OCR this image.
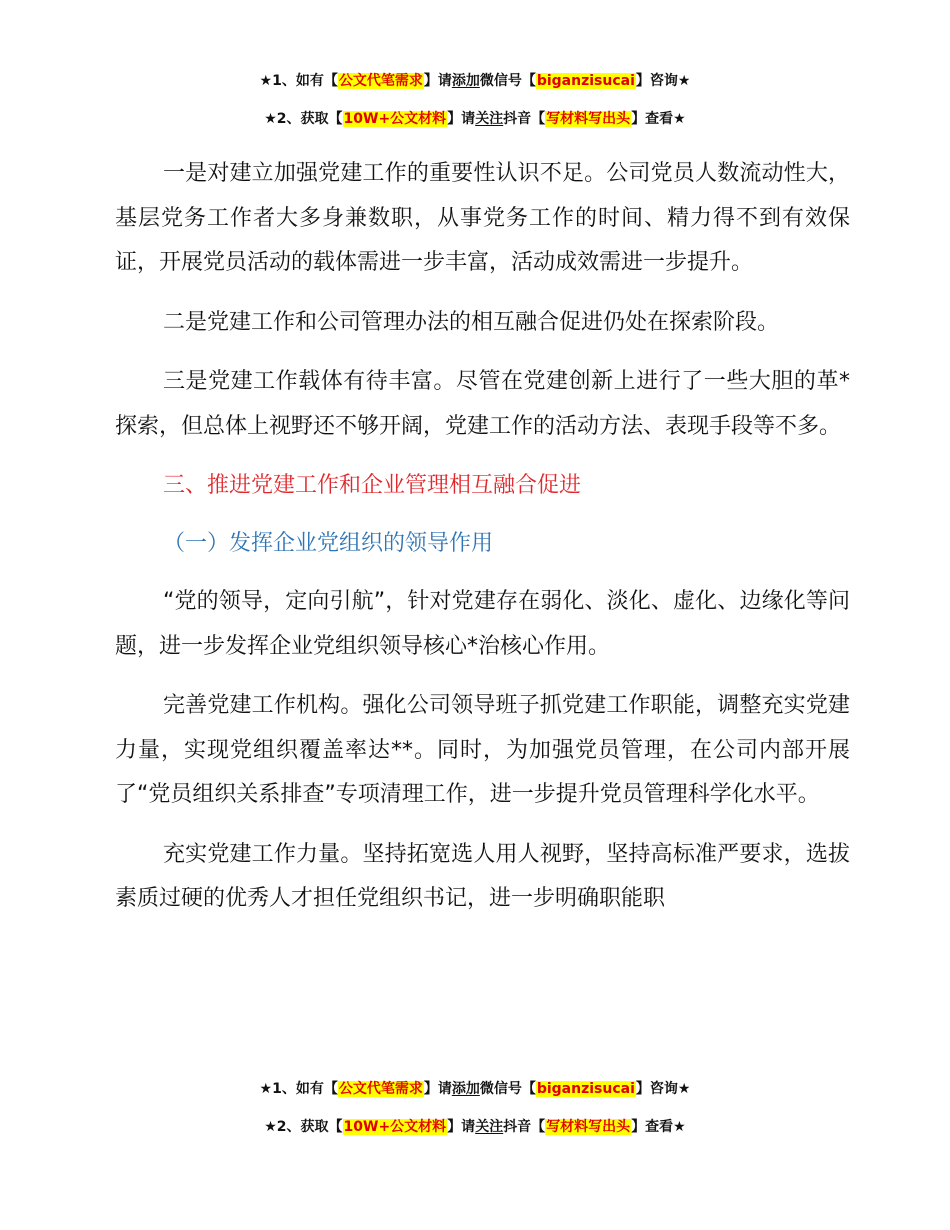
★1、如有【公文代笔需求】请添加微信号【biganzisucai】咨询★
★2、获取【10W+公文材料】请关注抖音【写材料写出头】查看★

一是对建立加强党建工作的重要性认识不足。公司党员人数流动性大，基层党务工作者大多身兼数职，从事党务工作的时间、精力得不到有效保证，开展党员活动的载体需进一步丰富，活动成效需进一步提升。

二是党建工作和公司管理办法的相互融合促进仍处在探索阶段。

三是党建工作载体有待丰富。尽管在党建创新上进行了一些大胆的革*探索，但总体上视野还不够开阔，党建工作的活动方法、表现手段等不多。

三、推进党建工作和企业管理相互融合促进

（一）发挥企业党组织的领导作用

“党的领导，定向引航”，针对党建存在弱化、淡化、虚化、边缘化等问题，进一步发挥企业党组织领导核心*治核心作用。

完善党建工作机构。强化公司领导班子抓党建工作职能，调整充实党建力量，实现党组织覆盖率达**。同时，为加强党员管理，在公司内部开展了“党员组织关系排查”专项清理工作，进一步提升党员管理科学化水平。

充实党建工作力量。坚持拓宽选人用人视野，坚持高标准严要求，选拔素质过硬的优秀人才担任党组织书记，进一步明确职能职

★1、如有【公文代笔需求】请添加微信号【biganzisucai】咨询★
★2、获取【10W+公文材料】请关注抖音【写材料写出头】查看★
